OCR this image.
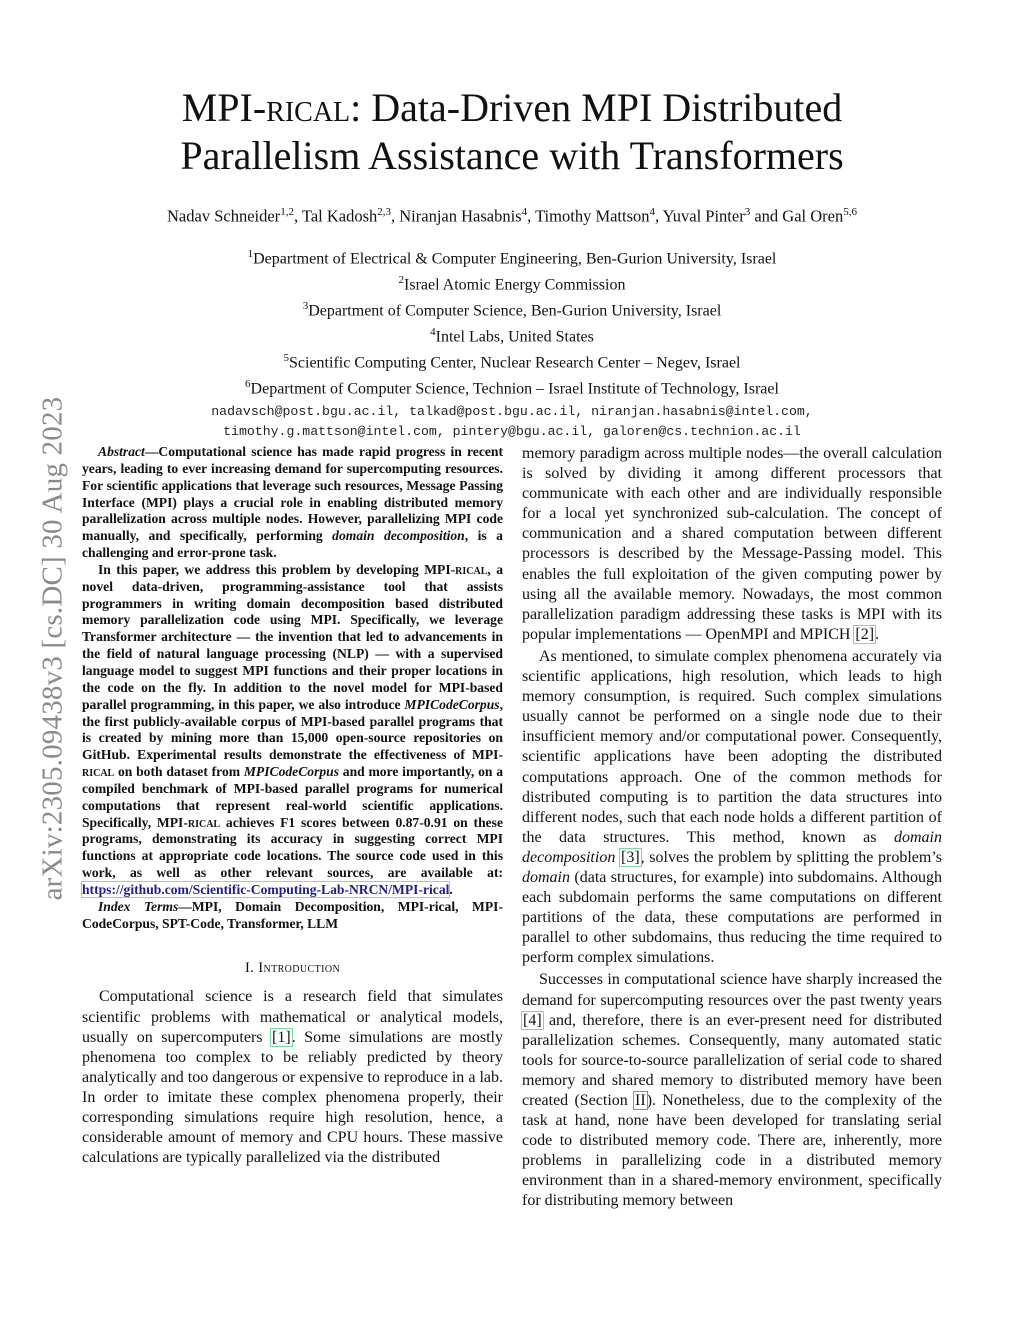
arXiv:2305.09438v3 [cs.DC] 30 Aug 2023
MPI-rical: Data-Driven MPI Distributed
Parallelism Assistance with Transformers
Nadav Schneider$^{1,2}$, Tal Kadosh$^{2,3}$, Niranjan Hasabnis$^4$, Timothy Mattson$^4$, Yuval Pinter$^3$ and Gal Oren$^{5,6}$
$^1$Department of Electrical & Computer Engineering, Ben-Gurion University, Israel
$^2$Israel Atomic Energy Commission
$^3$Department of Computer Science, Ben-Gurion University, Israel
$^4$Intel Labs, United States
$^5$Scientific Computing Center, Nuclear Research Center – Negev, Israel
$^6$Department of Computer Science, Technion – Israel Institute of Technology, Israel
nadavsch@post.bgu.ac.il, talkad@post.bgu.ac.il, niranjan.hasabnis@intel.com,
timothy.g.mattson@intel.com, pintery@bgu.ac.il, galoren@cs.technion.ac.il

Abstract—Computational science has made rapid progress in recent years, leading to ever increasing demand for supercomputing resources. For scientific applications that leverage such resources, Message Passing Interface (MPI) plays a crucial role in enabling distributed memory parallelization across multiple nodes. However, parallelizing MPI code manually, and specifically, performing domain decomposition, is a challenging and error-prone task.

In this paper, we address this problem by developing MPI-rical, a novel data-driven, programming-assistance tool that assists programmers in writing domain decomposition based distributed memory parallelization code using MPI. Specifically, we leverage Transformer architecture — the invention that led to advancements in the field of natural language processing (NLP) — with a supervised language model to suggest MPI functions and their proper locations in the code on the fly. In addition to the novel model for MPI-based parallel programming, in this paper, we also introduce MPICodeCorpus, the first publicly-available corpus of MPI-based parallel programs that is created by mining more than 15,000 open-source repositories on GitHub. Experimental results demonstrate the effectiveness of MPI-rical on both dataset from MPICodeCorpus and more importantly, on a compiled benchmark of MPI-based parallel programs for numerical computations that represent real-world scientific applications. Specifically, MPI-rical achieves F1 scores between 0.87-0.91 on these programs, demonstrating its accuracy in suggesting correct MPI functions at appropriate code locations. The source code used in this work, as well as other relevant sources, are available at: https://github.com/Scientific-Computing-Lab-NRCN/MPI-rical.

Index Terms—MPI, Domain Decomposition, MPI-rical, MPI-CodeCorpus, SPT-Code, Transformer, LLM

I. Introduction

Computational science is a research field that simulates scientific problems with mathematical or analytical models, usually on supercomputers [1]. Some simulations are mostly phenomena too complex to be reliably predicted by theory analytically and too dangerous or expensive to reproduce in a lab. In order to imitate these complex phenomena properly, their corresponding simulations require high resolution, hence, a considerable amount of memory and CPU hours. These massive calculations are typically parallelized via the distributed

memory paradigm across multiple nodes—the overall calculation is solved by dividing it among different processors that communicate with each other and are individually responsible for a local yet synchronized sub-calculation. The concept of communication and a shared computation between different processors is described by the Message-Passing model. This enables the full exploitation of the given computing power by using all the available memory. Nowadays, the most common parallelization paradigm addressing these tasks is MPI with its popular implementations — OpenMPI and MPICH [2].

As mentioned, to simulate complex phenomena accurately via scientific applications, high resolution, which leads to high memory consumption, is required. Such complex simulations usually cannot be performed on a single node due to their insufficient memory and/or computational power. Consequently, scientific applications have been adopting the distributed computations approach. One of the common methods for distributed computing is to partition the data structures into different nodes, such that each node holds a different partition of the data structures. This method, known as domain decomposition [3], solves the problem by splitting the problem’s domain (data structures, for example) into subdomains. Although each subdomain performs the same computations on different partitions of the data, these computations are performed in parallel to other subdomains, thus reducing the time required to perform complex simulations.

Successes in computational science have sharply increased the demand for supercomputing resources over the past twenty years [4] and, therefore, there is an ever-present need for distributed parallelization schemes. Consequently, many automated static tools for source-to-source parallelization of serial code to shared memory and shared memory to distributed memory have been created (Section II). Nonetheless, due to the complexity of the task at hand, none have been developed for translating serial code to distributed memory code. There are, inherently, more problems in parallelizing code in a distributed memory environment than in a shared-memory environment, specifically for distributing memory between
